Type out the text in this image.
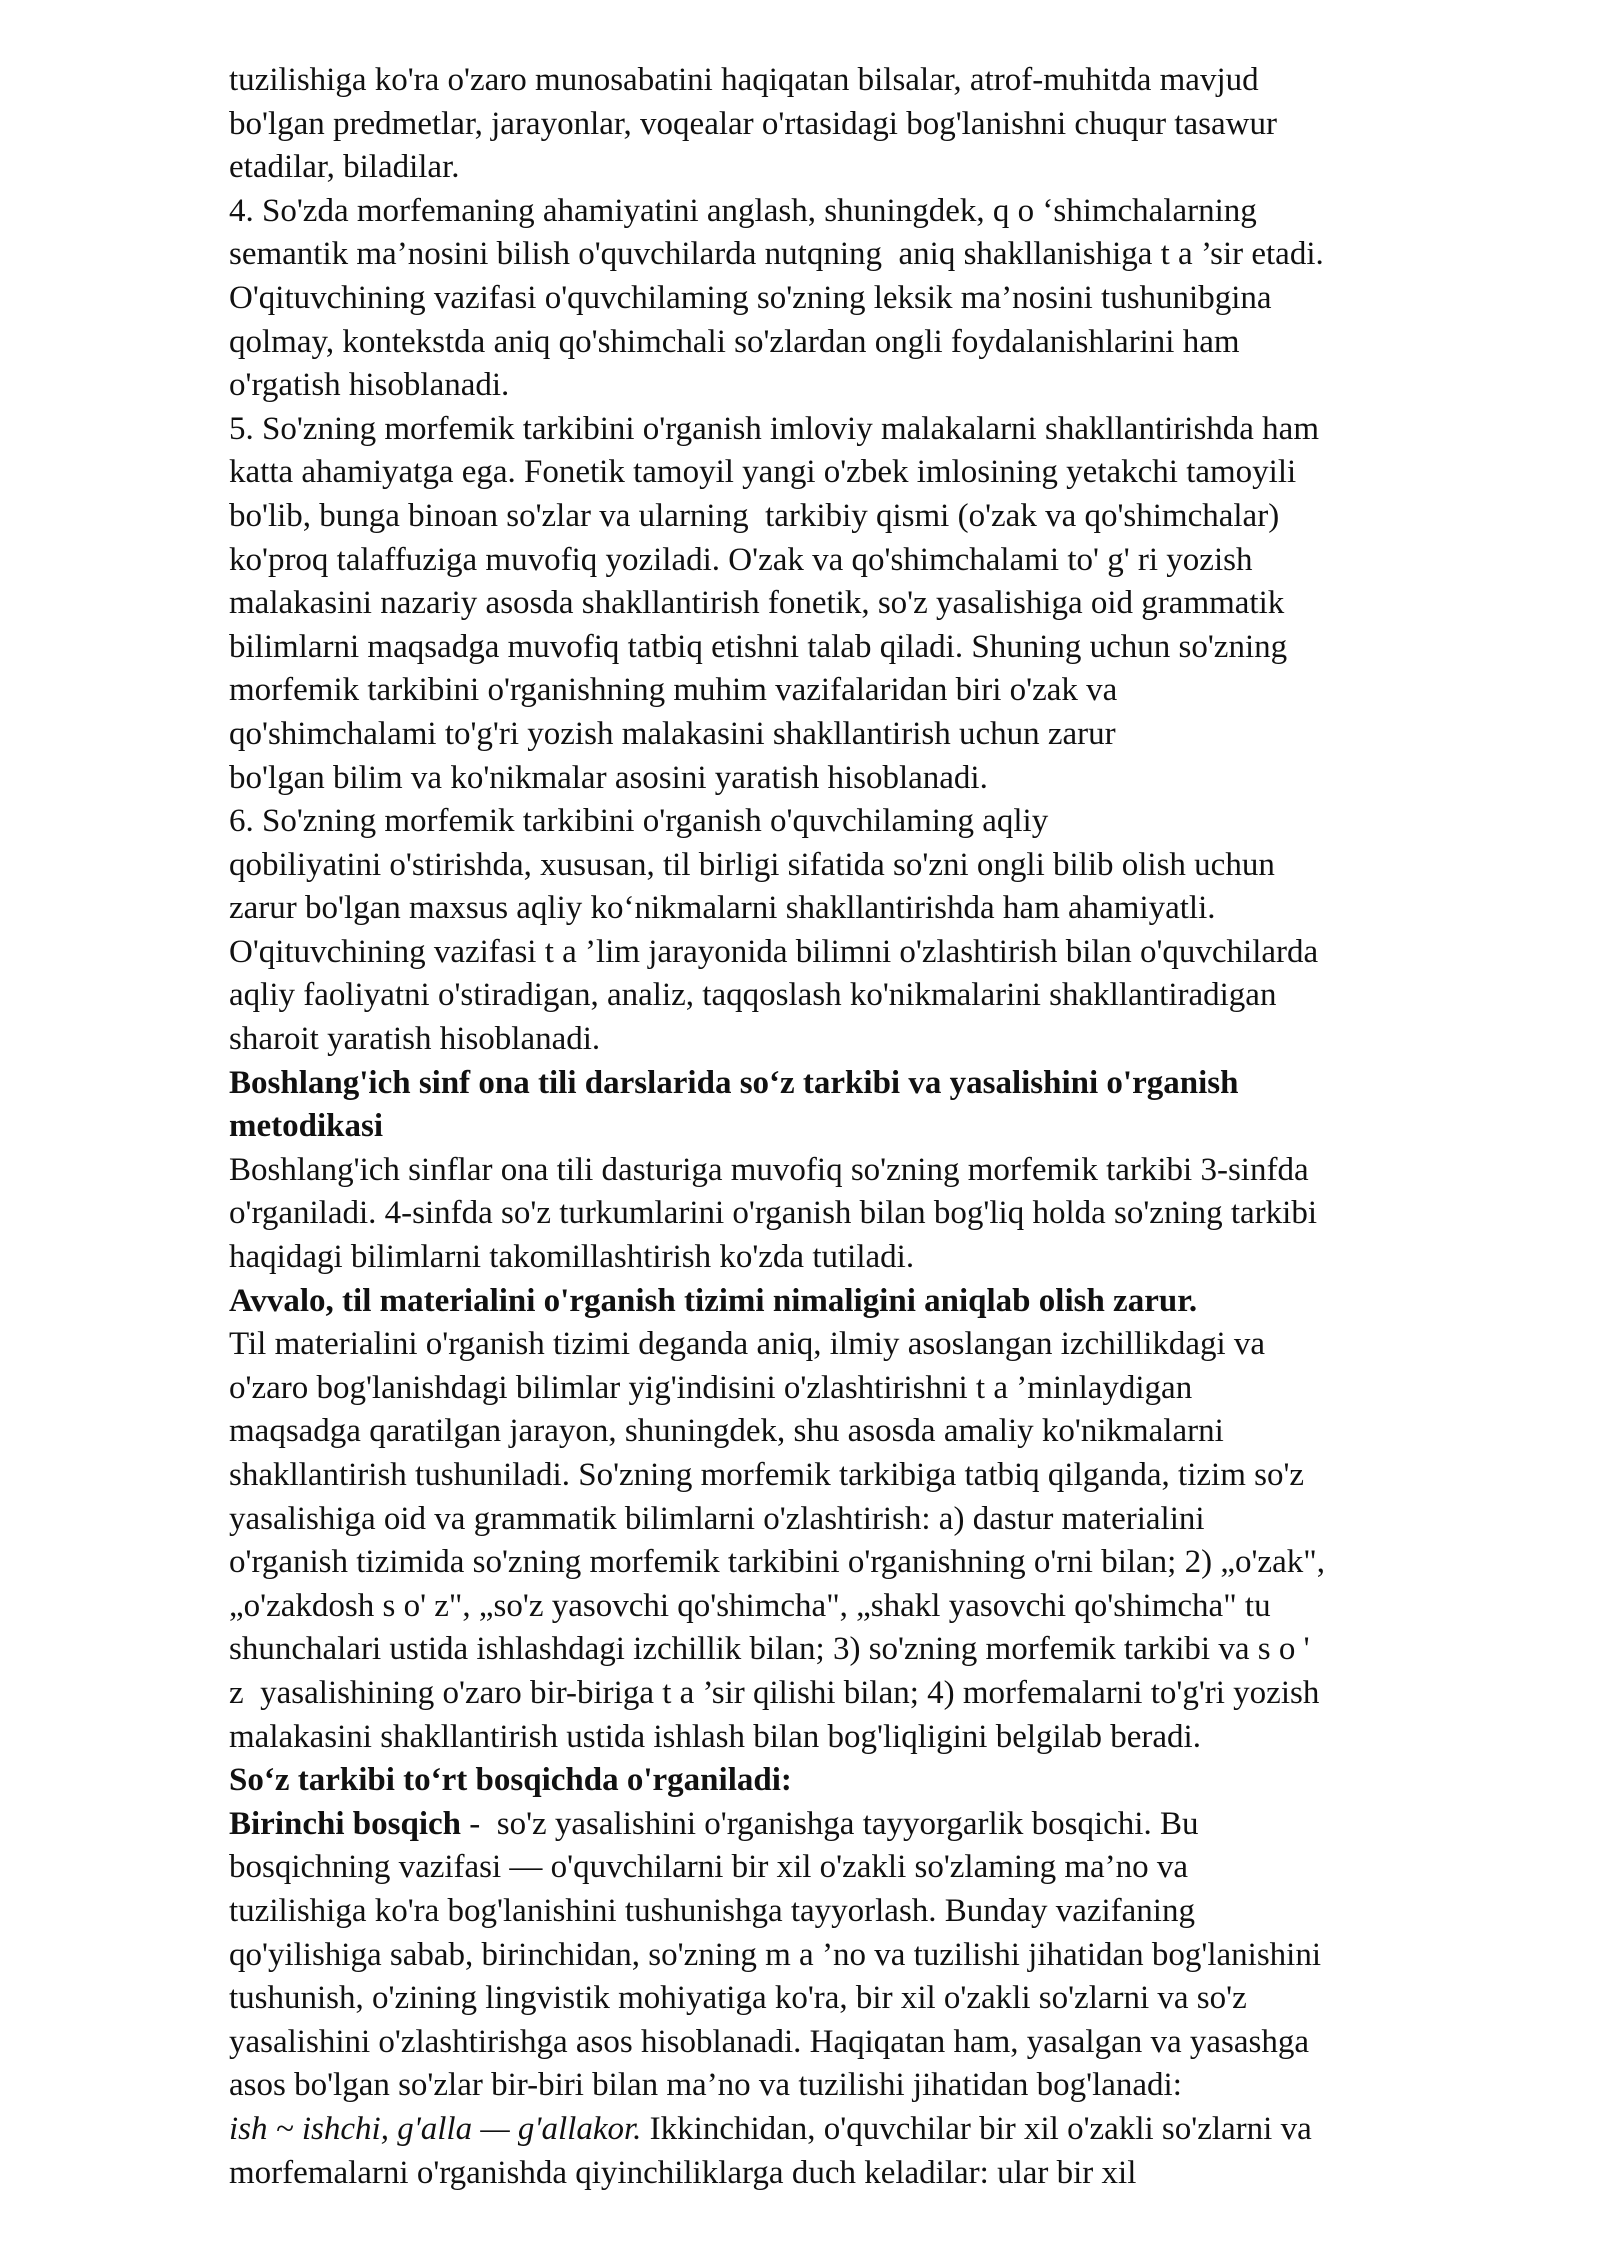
tuzilishiga ko'ra o'zaro munosabatini haqiqatan bilsalar, atrof-muhitda mavjud
bo'lgan predmetlar, jarayonlar, voqealar o'rtasidagi bog'lanishni chuqur tasawur
etadilar, biladilar.
4. So'zda morfemaning ahamiyatini anglash, shuningdek, q o ‘shimchalarning
semantik ma’nosini bilish o'quvchilarda nutqning  aniq shakllanishiga t a ’sir etadi.
O'qituvchining vazifasi o'quvchilaming so'zning leksik ma’nosini tushunibgina
qolmay, kontekstda aniq qo'shimchali so'zlardan ongli foydalanishlarini ham
o'rgatish hisoblanadi.
5. So'zning morfemik tarkibini o'rganish imloviy malakalarni shakllantirishda ham
katta ahamiyatga ega. Fonetik tamoyil yangi o'zbek imlosining yetakchi tamoyili
bo'lib, bunga binoan so'zlar va ularning  tarkibiy qismi (o'zak va qo'shimchalar)
ko'proq talaffuziga muvofiq yoziladi. O'zak va qo'shimchalami to' g' ri yozish
malakasini nazariy asosda shakllantirish fonetik, so'z yasalishiga oid grammatik
bilimlarni maqsadga muvofiq tatbiq etishni talab qiladi. Shuning uchun so'zning
morfemik tarkibini o'rganishning muhim vazifalaridan biri o'zak va
qo'shimchalami to'g'ri yozish malakasini shakllantirish uchun zarur
bo'lgan bilim va ko'nikmalar asosini yaratish hisoblanadi.
6. So'zning morfemik tarkibini o'rganish o'quvchilaming aqliy
qobiliyatini o'stirishda, xususan, til birligi sifatida so'zni ongli bilib olish uchun
zarur bo'lgan maxsus aqliy ko‘nikmalarni shakllantirishda ham ahamiyatli.
O'qituvchining vazifasi t a ’lim jarayonida bilimni o'zlashtirish bilan o'quvchilarda
aqliy faoliyatni o'stiradigan, analiz, taqqoslash ko'nikmalarini shakllantiradigan
sharoit yaratish hisoblanadi.
Boshlang'ich sinf ona tili darslarida so‘z tarkibi va yasalishini o'rganish
metodikasi
Boshlang'ich sinflar ona tili dasturiga muvofiq so'zning morfemik tarkibi 3-sinfda
o'rganiladi. 4-sinfda so'z turkumlarini o'rganish bilan bog'liq holda so'zning tarkibi
haqidagi bilimlarni takomillashtirish ko'zda tutiladi.
Avvalo, til materialini o'rganish tizimi nimaligini aniqlab olish zarur.
Til materialini o'rganish tizimi deganda aniq, ilmiy asoslangan izchillikdagi va
o'zaro bog'lanishdagi bilimlar yig'indisini o'zlashtirishni t a ’minlaydigan
maqsadga qaratilgan jarayon, shuningdek, shu asosda amaliy ko'nikmalarni
shakllantirish tushuniladi. So'zning morfemik tarkibiga tatbiq qilganda, tizim so'z
yasalishiga oid va grammatik bilimlarni o'zlashtirish: a) dastur materialini
o'rganish tizimida so'zning morfemik tarkibini o'rganishning o'rni bilan; 2) „o'zak",
„o'zakdosh s o' z", „so'z yasovchi qo'shimcha", „shakl yasovchi qo'shimcha" tu
shunchalari ustida ishlashdagi izchillik bilan; 3) so'zning morfemik tarkibi va s o '
z  yasalishining o'zaro bir-biriga t a ’sir qilishi bilan; 4) morfemalarni to'g'ri yozish
malakasini shakllantirish ustida ishlash bilan bog'liqligini belgilab beradi.
So‘z tarkibi to‘rt bosqichda o'rganiladi:
Birinchi bosqich -  so'z yasalishini o'rganishga tayyorgarlik bosqichi. Bu
bosqichning vazifasi — o'quvchilarni bir xil o'zakli so'zlaming ma’no va
tuzilishiga ko'ra bog'lanishini tushunishga tayyorlash. Bunday vazifaning
qo'yilishiga sabab, birinchidan, so'zning m a ’no va tuzilishi jihatidan bog'lanishini
tushunish, o'zining lingvistik mohiyatiga ko'ra, bir xil o'zakli so'zlarni va so'z
yasalishini o'zlashtirishga asos hisoblanadi. Haqiqatan ham, yasalgan va yasashga
asos bo'lgan so'zlar bir-biri bilan ma’no va tuzilishi jihatidan bog'lanadi:
ish ~ ishchi, g'alla — g'allakor. Ikkinchidan, o'quvchilar bir xil o'zakli so'zlarni va
morfemalarni o'rganishda qiyinchiliklarga duch keladilar: ular bir xil
